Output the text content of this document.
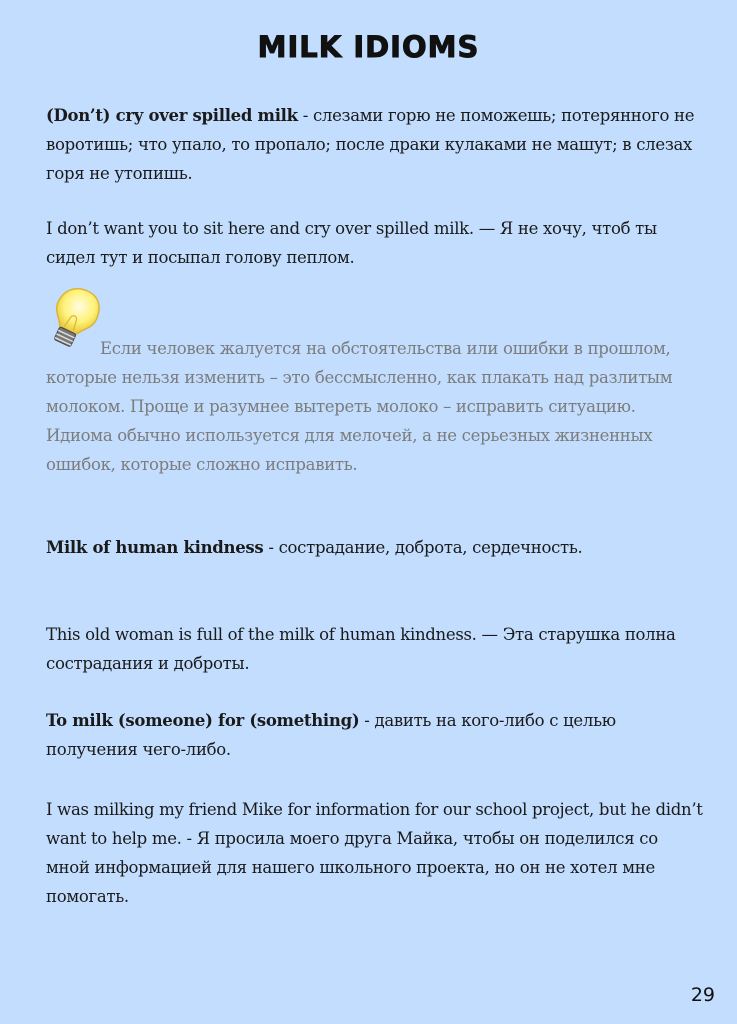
MILK IDIOMS

(Don’t) cry over spilled milk - слезами горю не поможешь; потерянного не воротишь; что упало, то пропало; после драки кулаками не машут; в слезах горя не утопишь.

I don’t want you to sit here and cry over spilled milk. — Я не хочу, чтоб ты сидел тут и посыпал голову пеплом.

Если человек жалуется на обстоятельства или ошибки в прошлом, которые нельзя изменить – это бессмысленно, как плакать над разлитым молоком. Проще и разумнее вытереть молоко – исправить ситуацию. Идиома обычно используется для мелочей, а не серьезных жизненных ошибок, которые сложно исправить.

Milk of human kindness - сострадание, доброта, сердечность.

This old woman is full of the milk of human kindness. — Эта старушка полна сострадания и доброты.

To milk (someone) for (something) - давить на кого-либо с целью получения чего-либо.

I was milking my friend Mike for information for our school project, but he didn’t want to help me. - Я просила моего друга Майка, чтобы он поделился со мной информацией для нашего школьного проекта, но он не хотел мне помогать.

29
